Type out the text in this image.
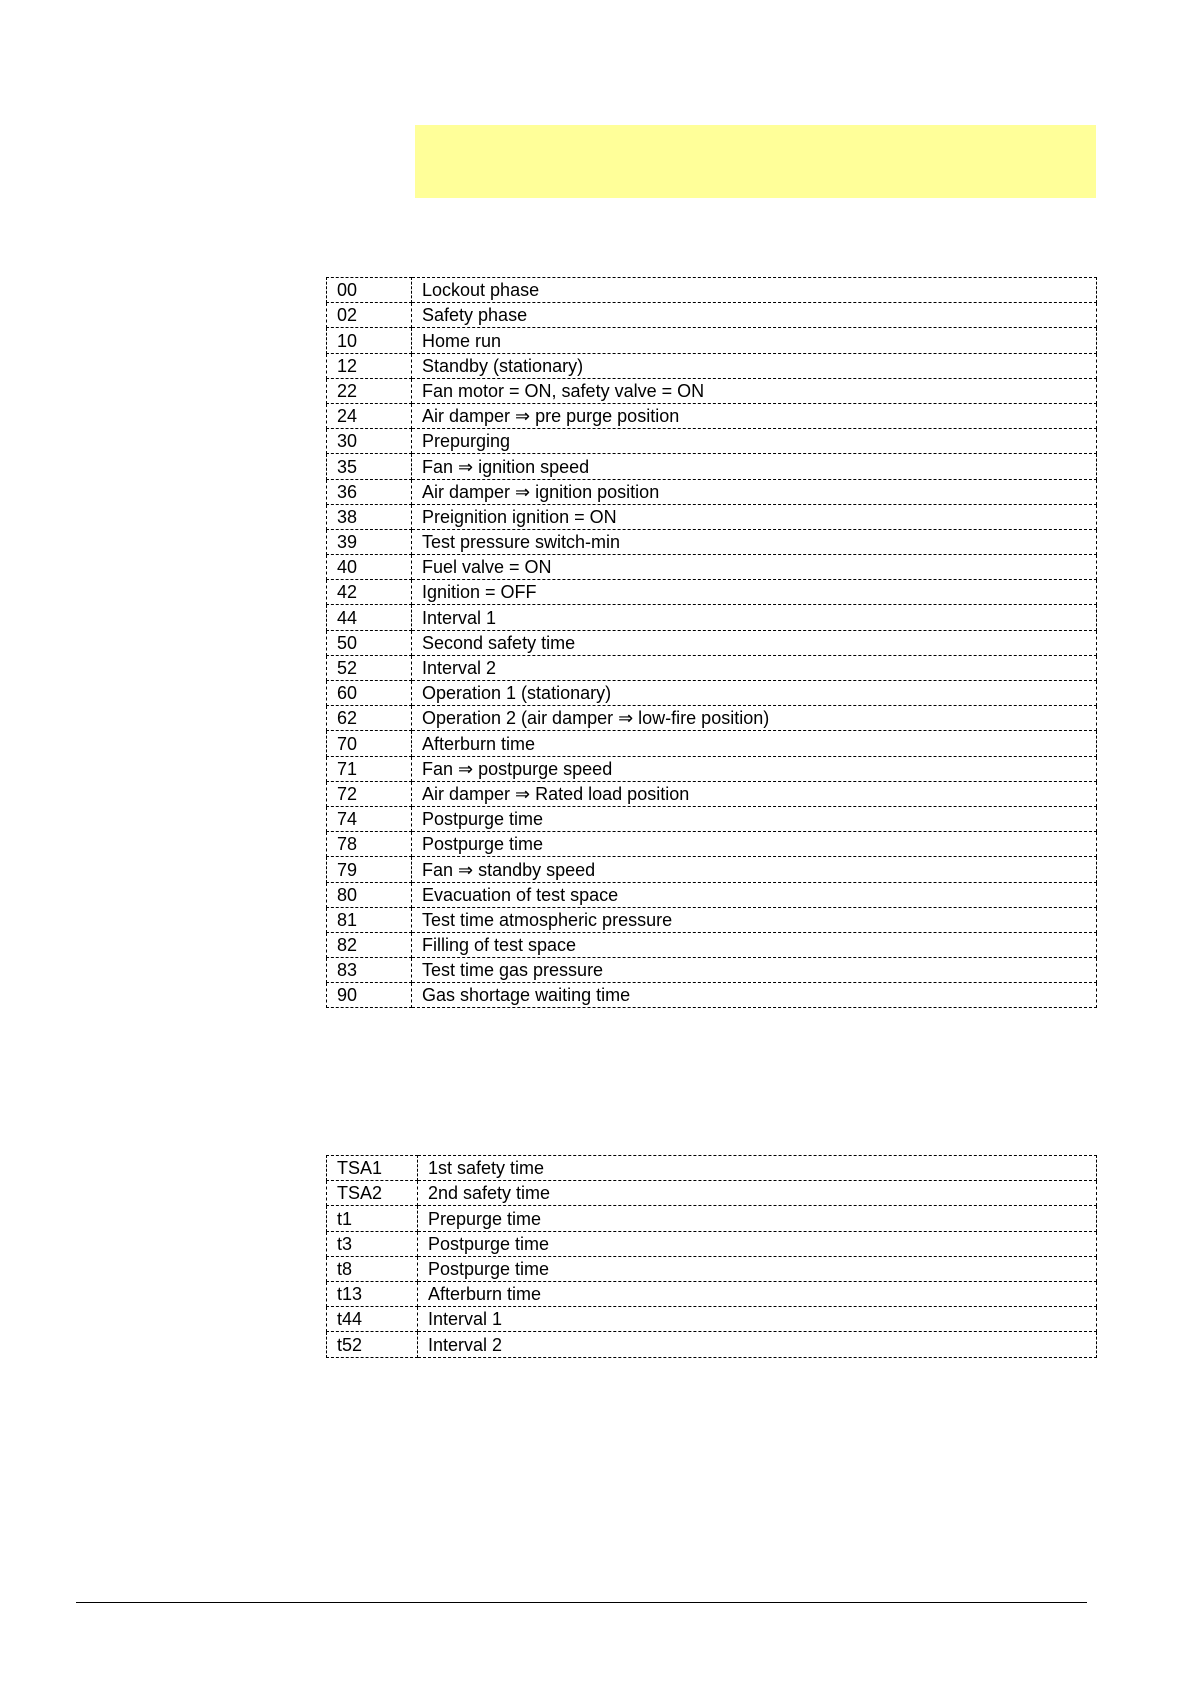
00	Lockout phase
02	Safety phase
10	Home run
12	Standby (stationary)
22	Fan motor = ON, safety valve = ON
24	Air damper ⇒ pre purge position
30	Prepurging
35	Fan ⇒ ignition speed
36	Air damper ⇒ ignition position
38	Preignition ignition = ON
39	Test pressure switch-min
40	Fuel valve = ON
42	Ignition = OFF
44	Interval 1
50	Second safety time
52	Interval 2
60	Operation 1 (stationary)
62	Operation 2 (air damper ⇒ low-fire position)
70	Afterburn time
71	Fan ⇒ postpurge speed
72	Air damper ⇒ Rated load position
74	Postpurge time
78	Postpurge time
79	Fan ⇒ standby speed
80	Evacuation of test space
81	Test time atmospheric pressure
82	Filling of test space
83	Test time gas pressure
90	Gas shortage waiting time
TSA1	1st safety time
TSA2	2nd safety time
t1	Prepurge time
t3	Postpurge time
t8	Postpurge time
t13	Afterburn time
t44	Interval 1
t52	Interval 2
